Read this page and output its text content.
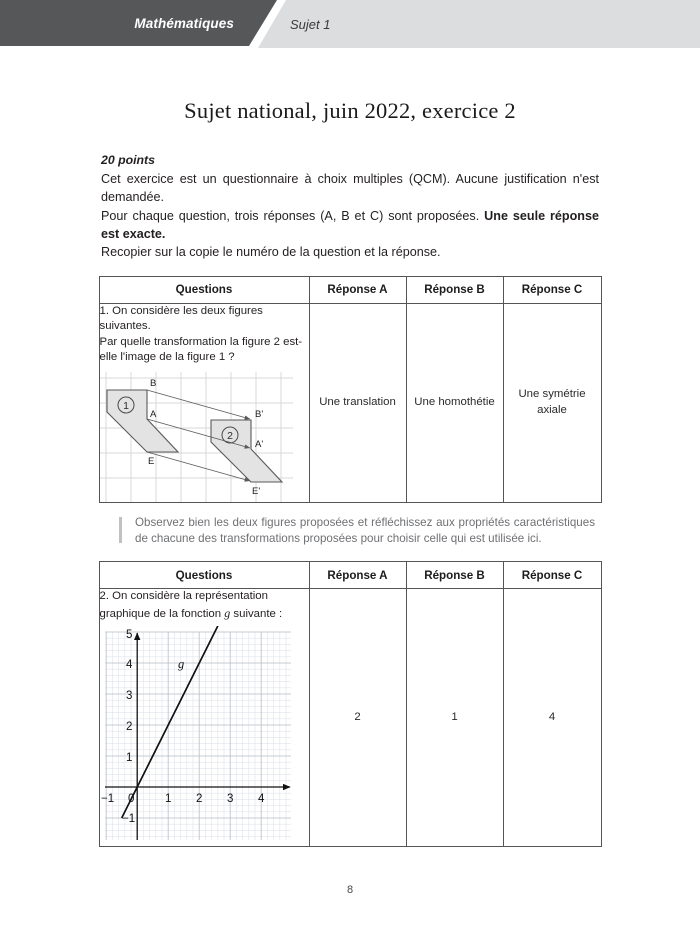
Mathématiques	Sujet 1
Sujet national, juin 2022, exercice 2

20 points

Cet exercice est un questionnaire à choix multiples (QCM). Aucune justification n'est demandée.

Pour chaque question, trois réponses (A, B et C) sont proposées. Une seule réponse est exacte.

Recopier sur la copie le numéro de la question et la réponse.

Questions	Réponse A	Réponse B	Réponse C

1. On considère les deux figures suivantes.
Par quelle transformation la figure 2 est-elle l'image de la figure 1 ?
1
2
B
A
E
B'
A'
E'
	Une translation	Une homothétie	Une symétrie axiale
Observez bien les deux figures proposées et réfléchissez aux propriétés caractéristiques de chacune des transformations proposées pour choisir celle qui est utilisée ici.
Questions	Réponse A	Réponse B	Réponse C

2. On considère la représentation
graphique de la fonction g suivante :
−1 0	1 2 3 4
−1
1
2
3
4
5
g
	2	1	4
8
